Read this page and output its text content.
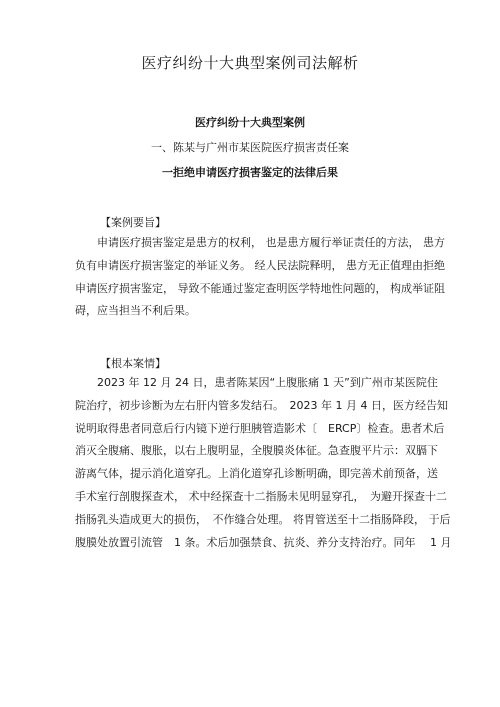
医疗纠纷十大典型案例司法解析
医疗纠纷十大典型案例
一、陈某与广州市某医院医疗损害责任案
一拒绝申请医疗损害鉴定的法律后果
【案例要旨】
　　申请医疗损害鉴定是患方的权利， 也是患方履行举证责任的方法， 患方
负有申请医疗损害鉴定的举证义务。 经人民法院释明， 患方无正值理由拒绝
申请医疗损害鉴定， 导致不能通过鉴定查明医学特地性问题的， 构成举证阻
碍，应当担当不利后果。
【根本案情】
　　2023 年 12 月 24 日，患者陈某因“上腹胀痛 1 天”到广州市某医院住
院治疗，初步诊断为左右肝内管多发结石。　2023 年 1 月 4 日，医方经告知
说明取得患者同意后行内镜下逆行胆胰管造影术〔　ERCP〕检查。患者术后
消灭全腹痛、腹胀，以右上腹明显，全腹膜炎体征。急查腹平片示：双膈下
游离气体，提示消化道穿孔。上消化道穿孔诊断明确，即完善术前预备，送
手术室行剖腹探查术， 术中经探查十二指肠未见明显穿孔，　为避开探查十二
指肠乳头造成更大的损伤，　不作缝合处理。 将胃管送至十二指肠降段， 于后
腹膜处放置引流管　1 条。术后加强禁食、抗炎、养分支持治疗。同年　 1 月
